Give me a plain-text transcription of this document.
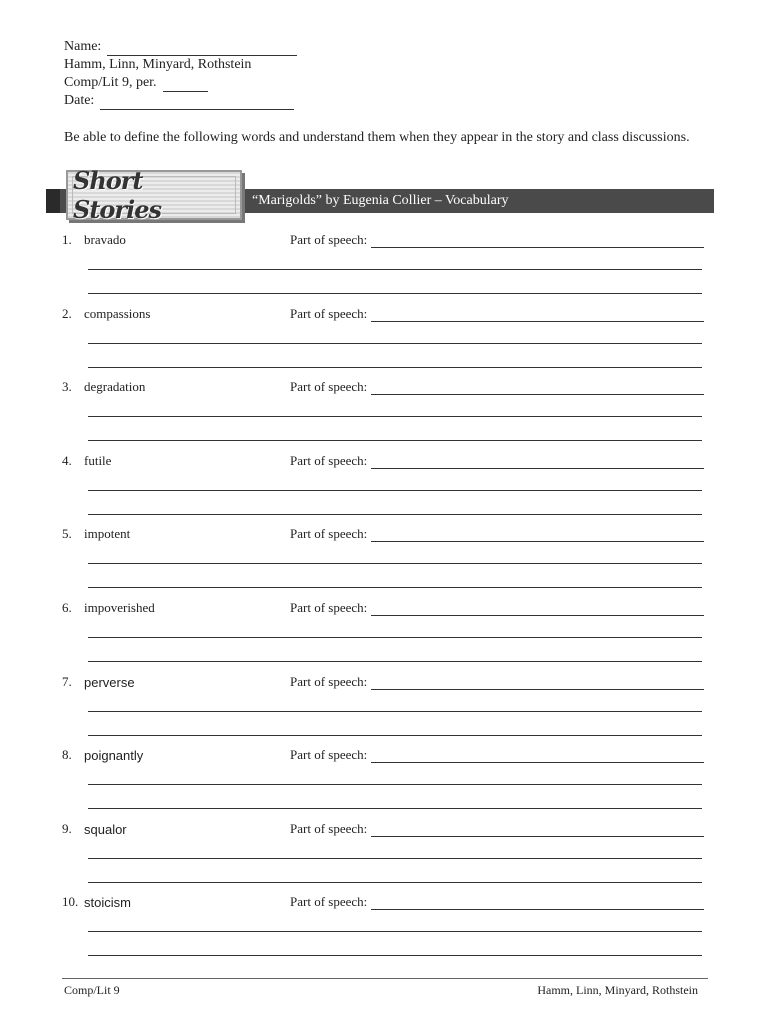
Name:
Hamm, Linn, Minyard, Rothstein
Comp/Lit 9, per.
Date:
Be able to define the following words and understand them when they appear in the story and class discussions.
Short Stories	“Marigolds” by Eugenia Collier – Vocabulary
1. bravado	Part of speech:
2. compassions	Part of speech:
3. degradation	Part of speech:
4. futile	Part of speech:
5. impotent	Part of speech:
6. impoverished	Part of speech:
7. perverse	Part of speech:
8. poignantly	Part of speech:
9. squalor	Part of speech:
10. stoicism	Part of speech:
Comp/Lit 9	Hamm, Linn, Minyard, Rothstein
